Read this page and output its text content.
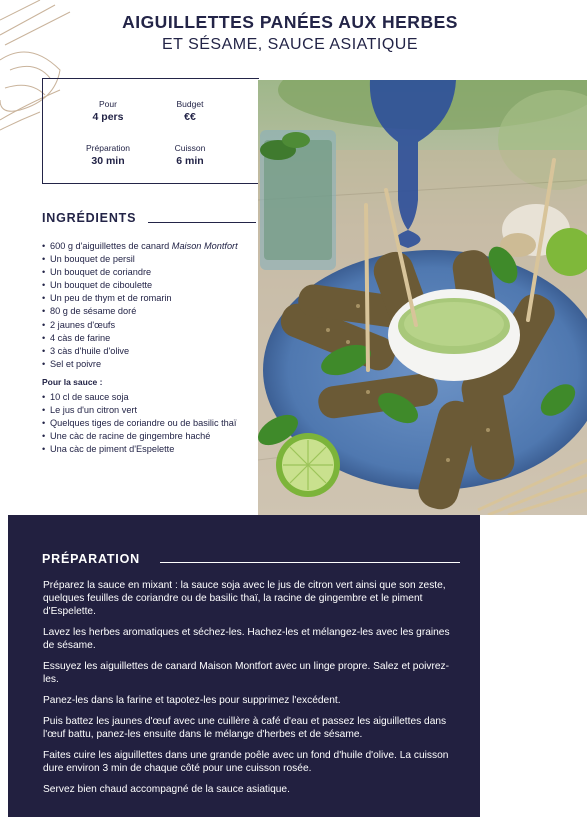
AIGUILLETTES PANÉES AUX HERBES
ET SÉSAME, SAUCE ASIATIQUE
Pour
4 pers
Budget
€€
Préparation
30 min
Cuisson
6 min
INGRÉDIENTS
• 600 g d'aiguillettes de canard Maison Montfort
• Un bouquet de persil
• Un bouquet de coriandre
• Un bouquet de ciboulette
• Un peu de thym et de romarin
• 80 g de sésame doré
• 2 jaunes d'œufs
• 4 càs de farine
• 3 càs d'huile d'olive
• Sel et poivre
Pour la sauce :
• 10 cl de sauce soja
• Le jus d'un citron vert
• Quelques tiges de coriandre ou de basilic thaï
• Une càc de racine de gingembre haché
• Una càc de piment d'Espelette
PRÉPARATION

Préparez la sauce en mixant : la sauce soja avec le jus de citron vert ainsi que son zeste, quelques feuilles de coriandre ou de basilic thaï, la racine de gingembre et le piment d'Espelette.

Lavez les herbes aromatiques et séchez-les. Hachez-les et mélangez-les avec les graines de sésame.

Essuyez les aiguillettes de canard Maison Montfort avec un linge propre. Salez et poivrez-les.

Panez-les dans la farine et tapotez-les pour supprimez l'excédent.

Puis battez les jaunes d'œuf avec une cuillère à café d'eau et passez les aiguillettes dans l'œuf battu, panez-les ensuite dans le mélange d'herbes et de sésame.

Faites cuire les aiguillettes dans une grande poêle avec un fond d'huile d'olive. La cuisson dure environ 3 min de chaque côté pour une cuisson rosée.

Servez bien chaud accompagné de la sauce asiatique.
